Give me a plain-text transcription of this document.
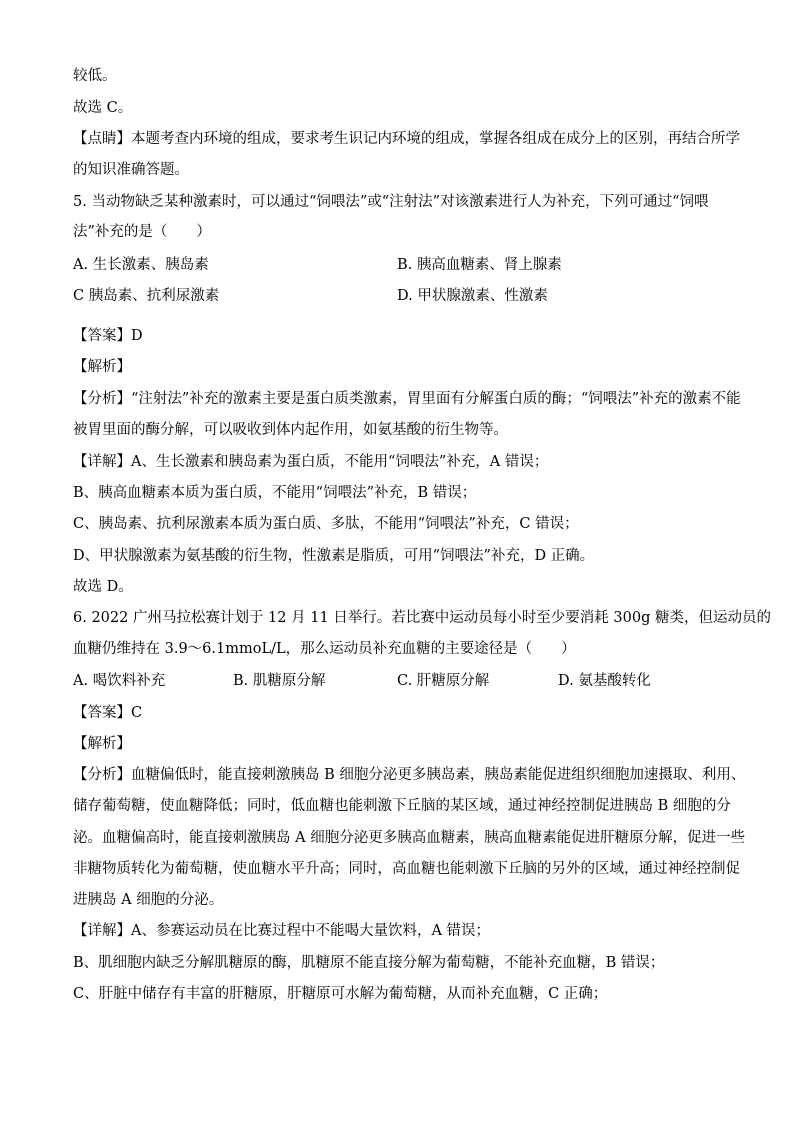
较低。
故选 C。
【点睛】本题考查内环境的组成，要求考生识记内环境的组成，掌握各组成在成分上的区别，再结合所学
的知识准确答题。
5. 当动物缺乏某种激素时，可以通过“饲喂法”或“注射法”对该激素进行人为补充，下列可通过“饲喂
法”补充的是（　　）
A. 生长激素、胰岛素	B. 胰高血糖素、肾上腺素
C 胰岛素、抗利尿激素	D. 甲状腺激素、性激素
【答案】D
【解析】
【分析】“注射法”补充的激素主要是蛋白质类激素，胃里面有分解蛋白质的酶；“饲喂法”补充的激素不能
被胃里面的酶分解，可以吸收到体内起作用，如氨基酸的衍生物等。
【详解】A、生长激素和胰岛素为蛋白质，不能用“饲喂法”补充，A 错误；
B、胰高血糖素本质为蛋白质，不能用“饲喂法”补充，B 错误；
C、胰岛素、抗利尿激素本质为蛋白质、多肽，不能用“饲喂法”补充，C 错误；
D、甲状腺激素为氨基酸的衍生物，性激素是脂质，可用“饲喂法”补充，D 正确。
故选 D。
6. 2022 广州马拉松赛计划于 12 月 11 日举行。若比赛中运动员每小时至少要消耗 300g 糖类，但运动员的
血糖仍维持在 3.9～6.1mmoL/L，那么运动员补充血糖的主要途径是（　　）
A. 喝饮料补充	B. 肌糖原分解	C. 肝糖原分解	D. 氨基酸转化
【答案】C
【解析】
【分析】血糖偏低时，能直接刺激胰岛 B 细胞分泌更多胰岛素，胰岛素能促进组织细胞加速摄取、利用、
储存葡萄糖，使血糖降低；同时，低血糖也能刺激下丘脑的某区域，通过神经控制促进胰岛 B 细胞的分
泌。血糖偏高时，能直接刺激胰岛 A 细胞分泌更多胰高血糖素，胰高血糖素能促进肝糖原分解，促进一些
非糖物质转化为葡萄糖，使血糖水平升高；同时，高血糖也能刺激下丘脑的另外的区域，通过神经控制促
进胰岛 A 细胞的分泌。
【详解】A、参赛运动员在比赛过程中不能喝大量饮料，A 错误；
B、肌细胞内缺乏分解肌糖原的酶，肌糖原不能直接分解为葡萄糖，不能补充血糖，B 错误；
C、肝脏中储存有丰富的肝糖原，肝糖原可水解为葡萄糖，从而补充血糖，C 正确；
